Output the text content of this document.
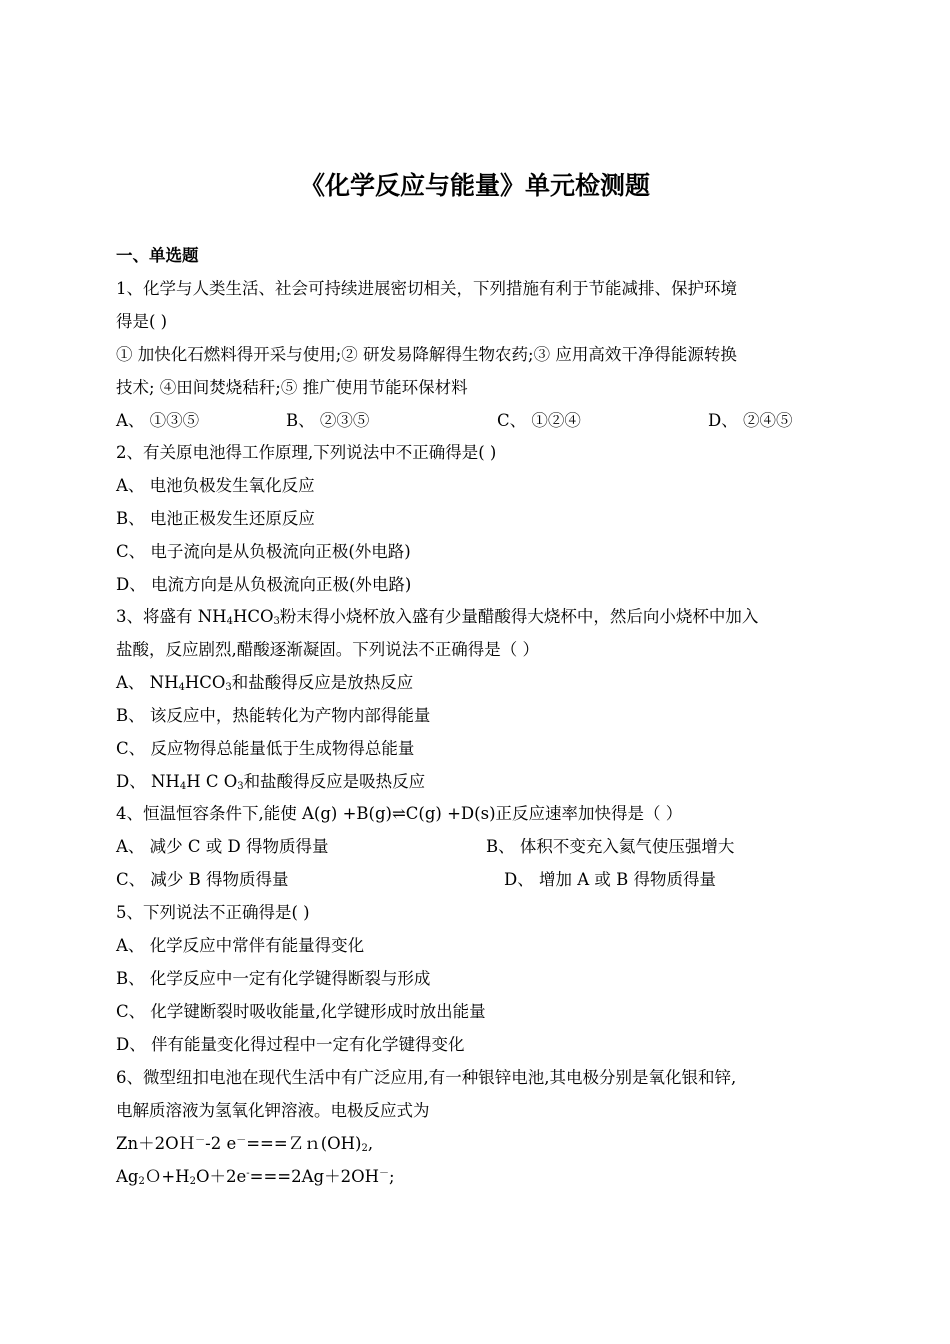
《化学反应与能量》单元检测题
一、单选题
1、化学与人类生活、社会可持续进展密切相关，下列措施有利于节能减排、保护环境
得是( )
① 加快化石燃料得开采与使用;② 研发易降解得生物农药;③ 应用高效干净得能源转换
技术; ④田间焚烧秸秆;⑤ 推广使用节能环保材料
A、 ①③⑤	B、 ②③⑤	C、 ①②④	D、 ②④⑤
2、有关原电池得工作原理,下列说法中不正确得是( )
A、 电池负极发生氧化反应
B、 电池正极发生还原反应
C、 电子流向是从负极流向正极(外电路)
D、 电流方向是从负极流向正极(外电路)
3、将盛有 $NH_4HCO_3$粉末得小烧杯放入盛有少量醋酸得大烧杯中，然后向小烧杯中加入
盐酸，反应剧烈,醋酸逐渐凝固。下列说法不正确得是（ ）
A、 $NH_4HCO_3$和盐酸得反应是放热反应
B、 该反应中，热能转化为产物内部得能量
C、 反应物得总能量低于生成物得总能量
D、 $NH_4H$ C $O_3$和盐酸得反应是吸热反应
4、恒温恒容条件下,能使 A(g) +B(g)⇌C(g) +D(s)正反应速率加快得是（ ）
A、 减少 C 或 D 得物质得量	B、 体积不变充入氦气使压强增大
C、 减少 B 得物质得量	D、 增加 A 或 B 得物质得量
5、下列说法不正确得是( )
A、 化学反应中常伴有能量得变化
B、 化学反应中一定有化学键得断裂与形成
C、 化学键断裂时吸收能量,化学键形成时放出能量
D、 伴有能量变化得过程中一定有化学键得变化
6、微型纽扣电池在现代生活中有广泛应用,有一种银锌电池,其电极分别是氧化银和锌,
电解质溶液为氢氧化钾溶液。电极反应式为
Zn＋2OＨ－-2 $e^-===Zn(OH)_2$,
$Ag_2O+H_2O+2e^-===2Ag+2OH^-$;
